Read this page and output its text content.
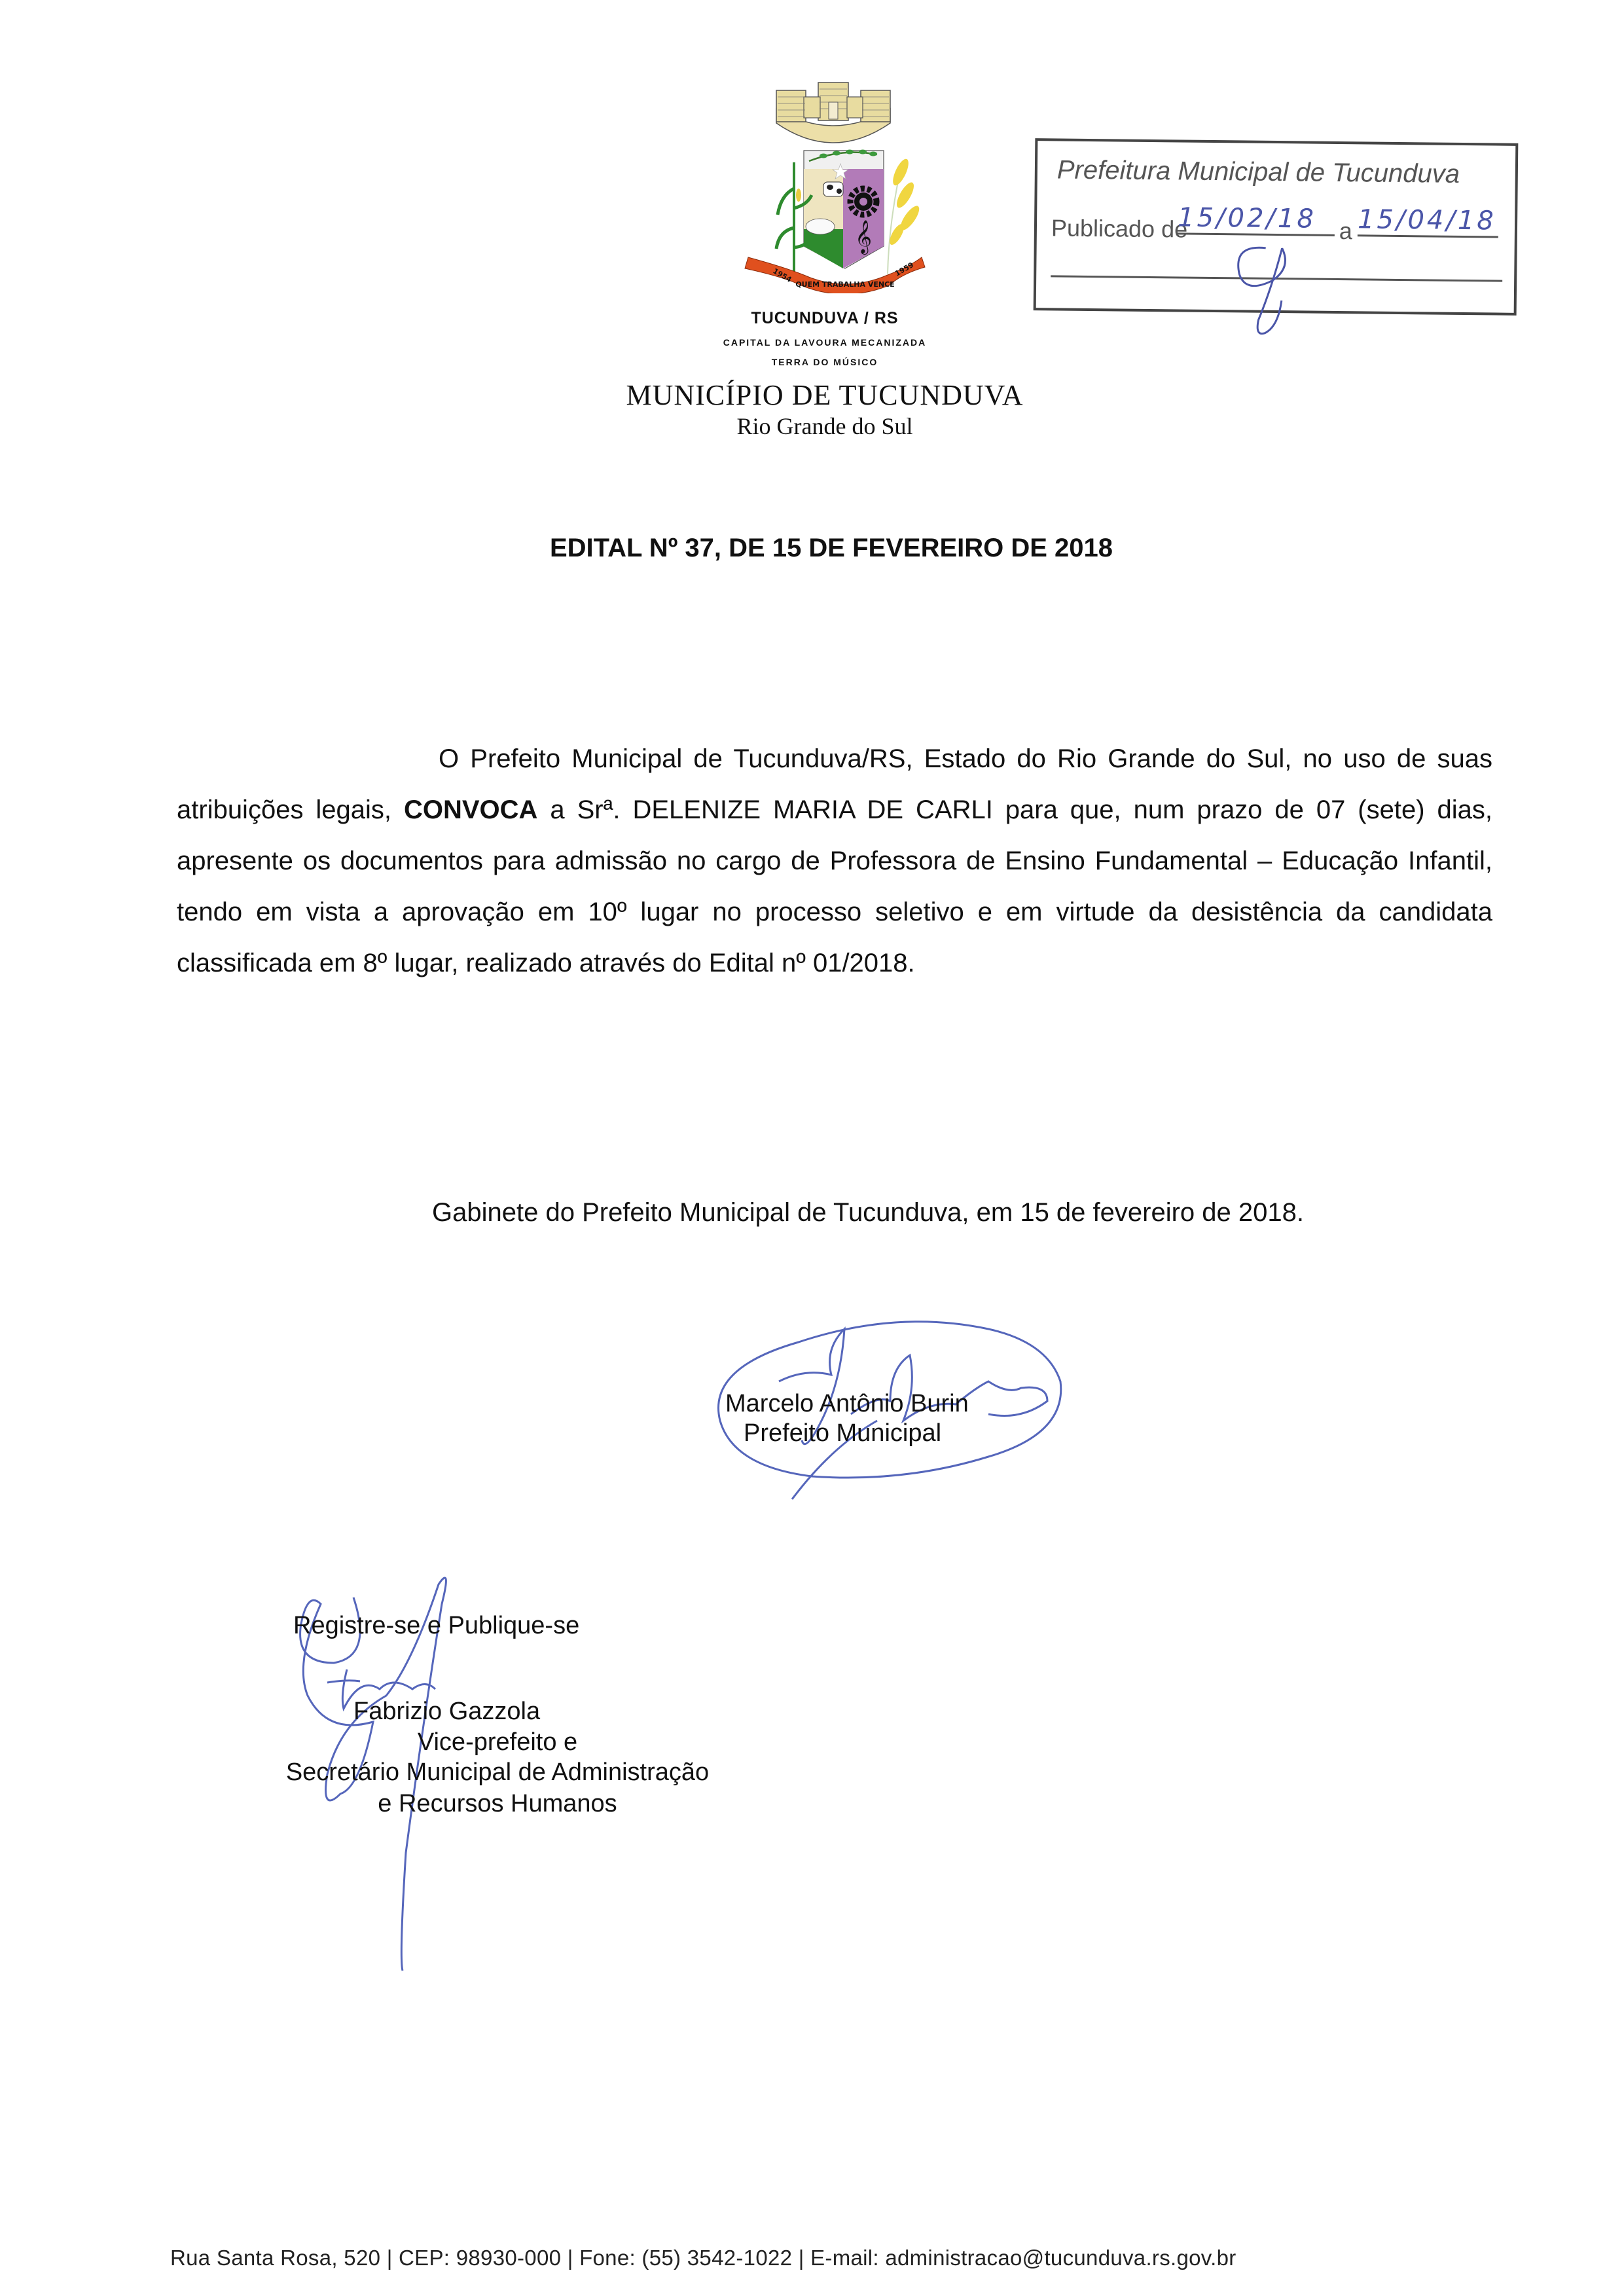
𝄞
1954
QUEM TRABALHA VENCE
1959
TUCUNDUVA / RS
CAPITAL DA LAVOURA MECANIZADA
TERRA DO MÚSICO
MUNICÍPIO DE TUCUNDUVA
Rio Grande do Sul
Prefeitura Municipal de Tucunduva
Publicado de
15/02/18 a 15/04/18
EDITAL Nº 37, DE 15 DE FEVEREIRO DE 2018
O Prefeito Municipal de Tucunduva/RS, Estado do Rio Grande do Sul, no uso de suas atribuições legais, CONVOCA a Srª. DELENIZE MARIA DE CARLI para que, num prazo de 07 (sete) dias, apresente os documentos para admissão no cargo de Professora de Ensino Fundamental – Educação Infantil, tendo em vista a aprovação em 10º lugar no processo seletivo e em virtude da desistência da candidata classificada em 8º lugar, realizado através do Edital nº 01/2018.
Gabinete do Prefeito Municipal de Tucunduva, em 15 de fevereiro de 2018.
Marcelo Antônio Burin
Prefeito Municipal
Registre-se e Publique-se
Fabrizio Gazzola
Vice-prefeito e
Secretário Municipal de Administração
e Recursos Humanos
Rua Santa Rosa, 520 | CEP: 98930-000 | Fone: (55) 3542-1022 | E-mail: administracao@tucunduva.rs.gov.br
